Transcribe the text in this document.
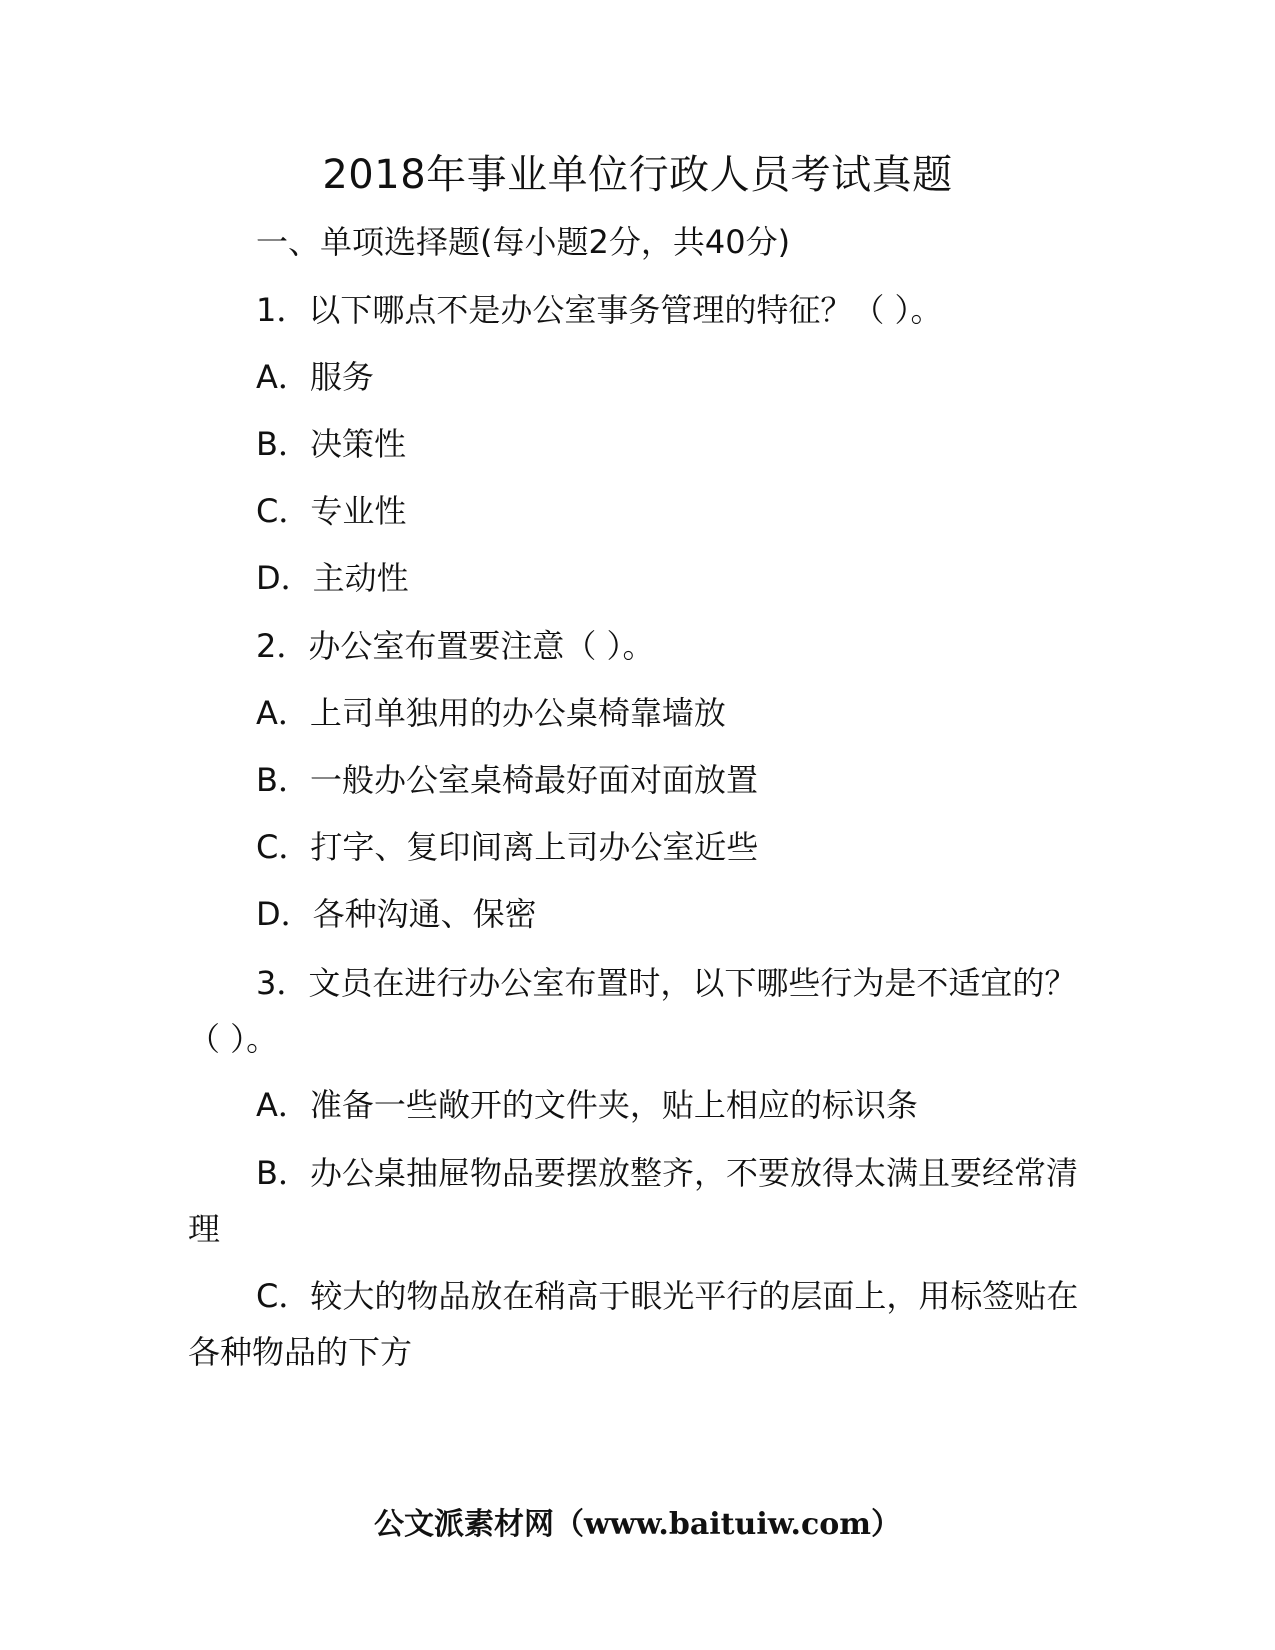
2018年事业单位行政人员考试真题
一、单项选择题(每小题2分，共40分)
1．以下哪点不是办公室事务管理的特征？（ ）。
A．服务
B．决策性
C．专业性
D．主动性
2．办公室布置要注意（ ）。
A．上司单独用的办公桌椅靠墙放
B．一般办公室桌椅最好面对面放置
C．打字、复印间离上司办公室近些
D．各种沟通、保密
3．文员在进行办公室布置时，以下哪些行为是不适宜的？（ ）。
A．准备一些敞开的文件夹，贴上相应的标识条
B．办公桌抽屉物品要摆放整齐，不要放得太满且要经常清理
C．较大的物品放在稍高于眼光平行的层面上，用标签贴在各种物品的下方
公文派素材网（www.baituiw.com）
